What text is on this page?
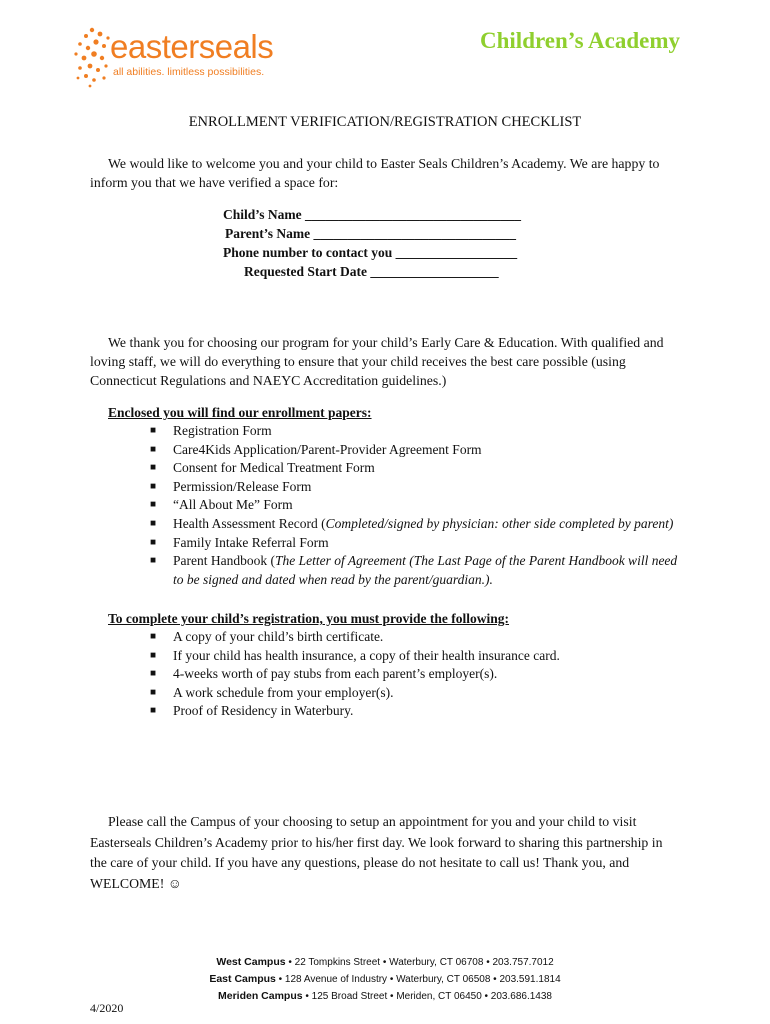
easterseals
all abilities. limitless possibilities.
Children’s Academy
ENROLLMENT VERIFICATION/REGISTRATION CHECKLIST
We would like to welcome you and your child to Easter Seals Children’s Academy. We are happy to inform you that we have verified a space for:
Child’s Name ________________________________
Parent’s Name ______________________________
Phone number to contact you __________________
Requested Start Date ___________________
We thank you for choosing our program for your child’s Early Care & Education. With qualified and loving staff, we will do everything to ensure that your child receives the best care possible (using Connecticut Regulations and NAEYC Accreditation guidelines.)
Enclosed you will find our enrollment papers:
■ Registration Form
■ Care4Kids Application/Parent-Provider Agreement Form
■ Consent for Medical Treatment Form
■ Permission/Release Form
■ “All About Me” Form
■ Health Assessment Record (Completed/signed by physician: other side completed by parent)
■ Family Intake Referral Form
■ Parent Handbook (The Letter of Agreement (The Last Page of the Parent Handbook will need to be signed and dated when read by the parent/guardian.).
To complete your child’s registration, you must provide the following:
■ A copy of your child’s birth certificate.
■ If your child has health insurance, a copy of their health insurance card.
■ 4-weeks worth of pay stubs from each parent’s employer(s).
■ A work schedule from your employer(s).
■ Proof of Residency in Waterbury.
Please call the Campus of your choosing to setup an appointment for you and your child to visit Easterseals Children’s Academy prior to his/her first day. We look forward to sharing this partnership in the care of your child. If you have any questions, please do not hesitate to call us! Thank you, and WELCOME! ☺
West Campus • 22 Tompkins Street • Waterbury, CT 06708 • 203.757.7012
East Campus • 128 Avenue of Industry • Waterbury, CT 06508 • 203.591.1814
Meriden Campus • 125 Broad Street • Meriden, CT 06450 • 203.686.1438
4/2020
